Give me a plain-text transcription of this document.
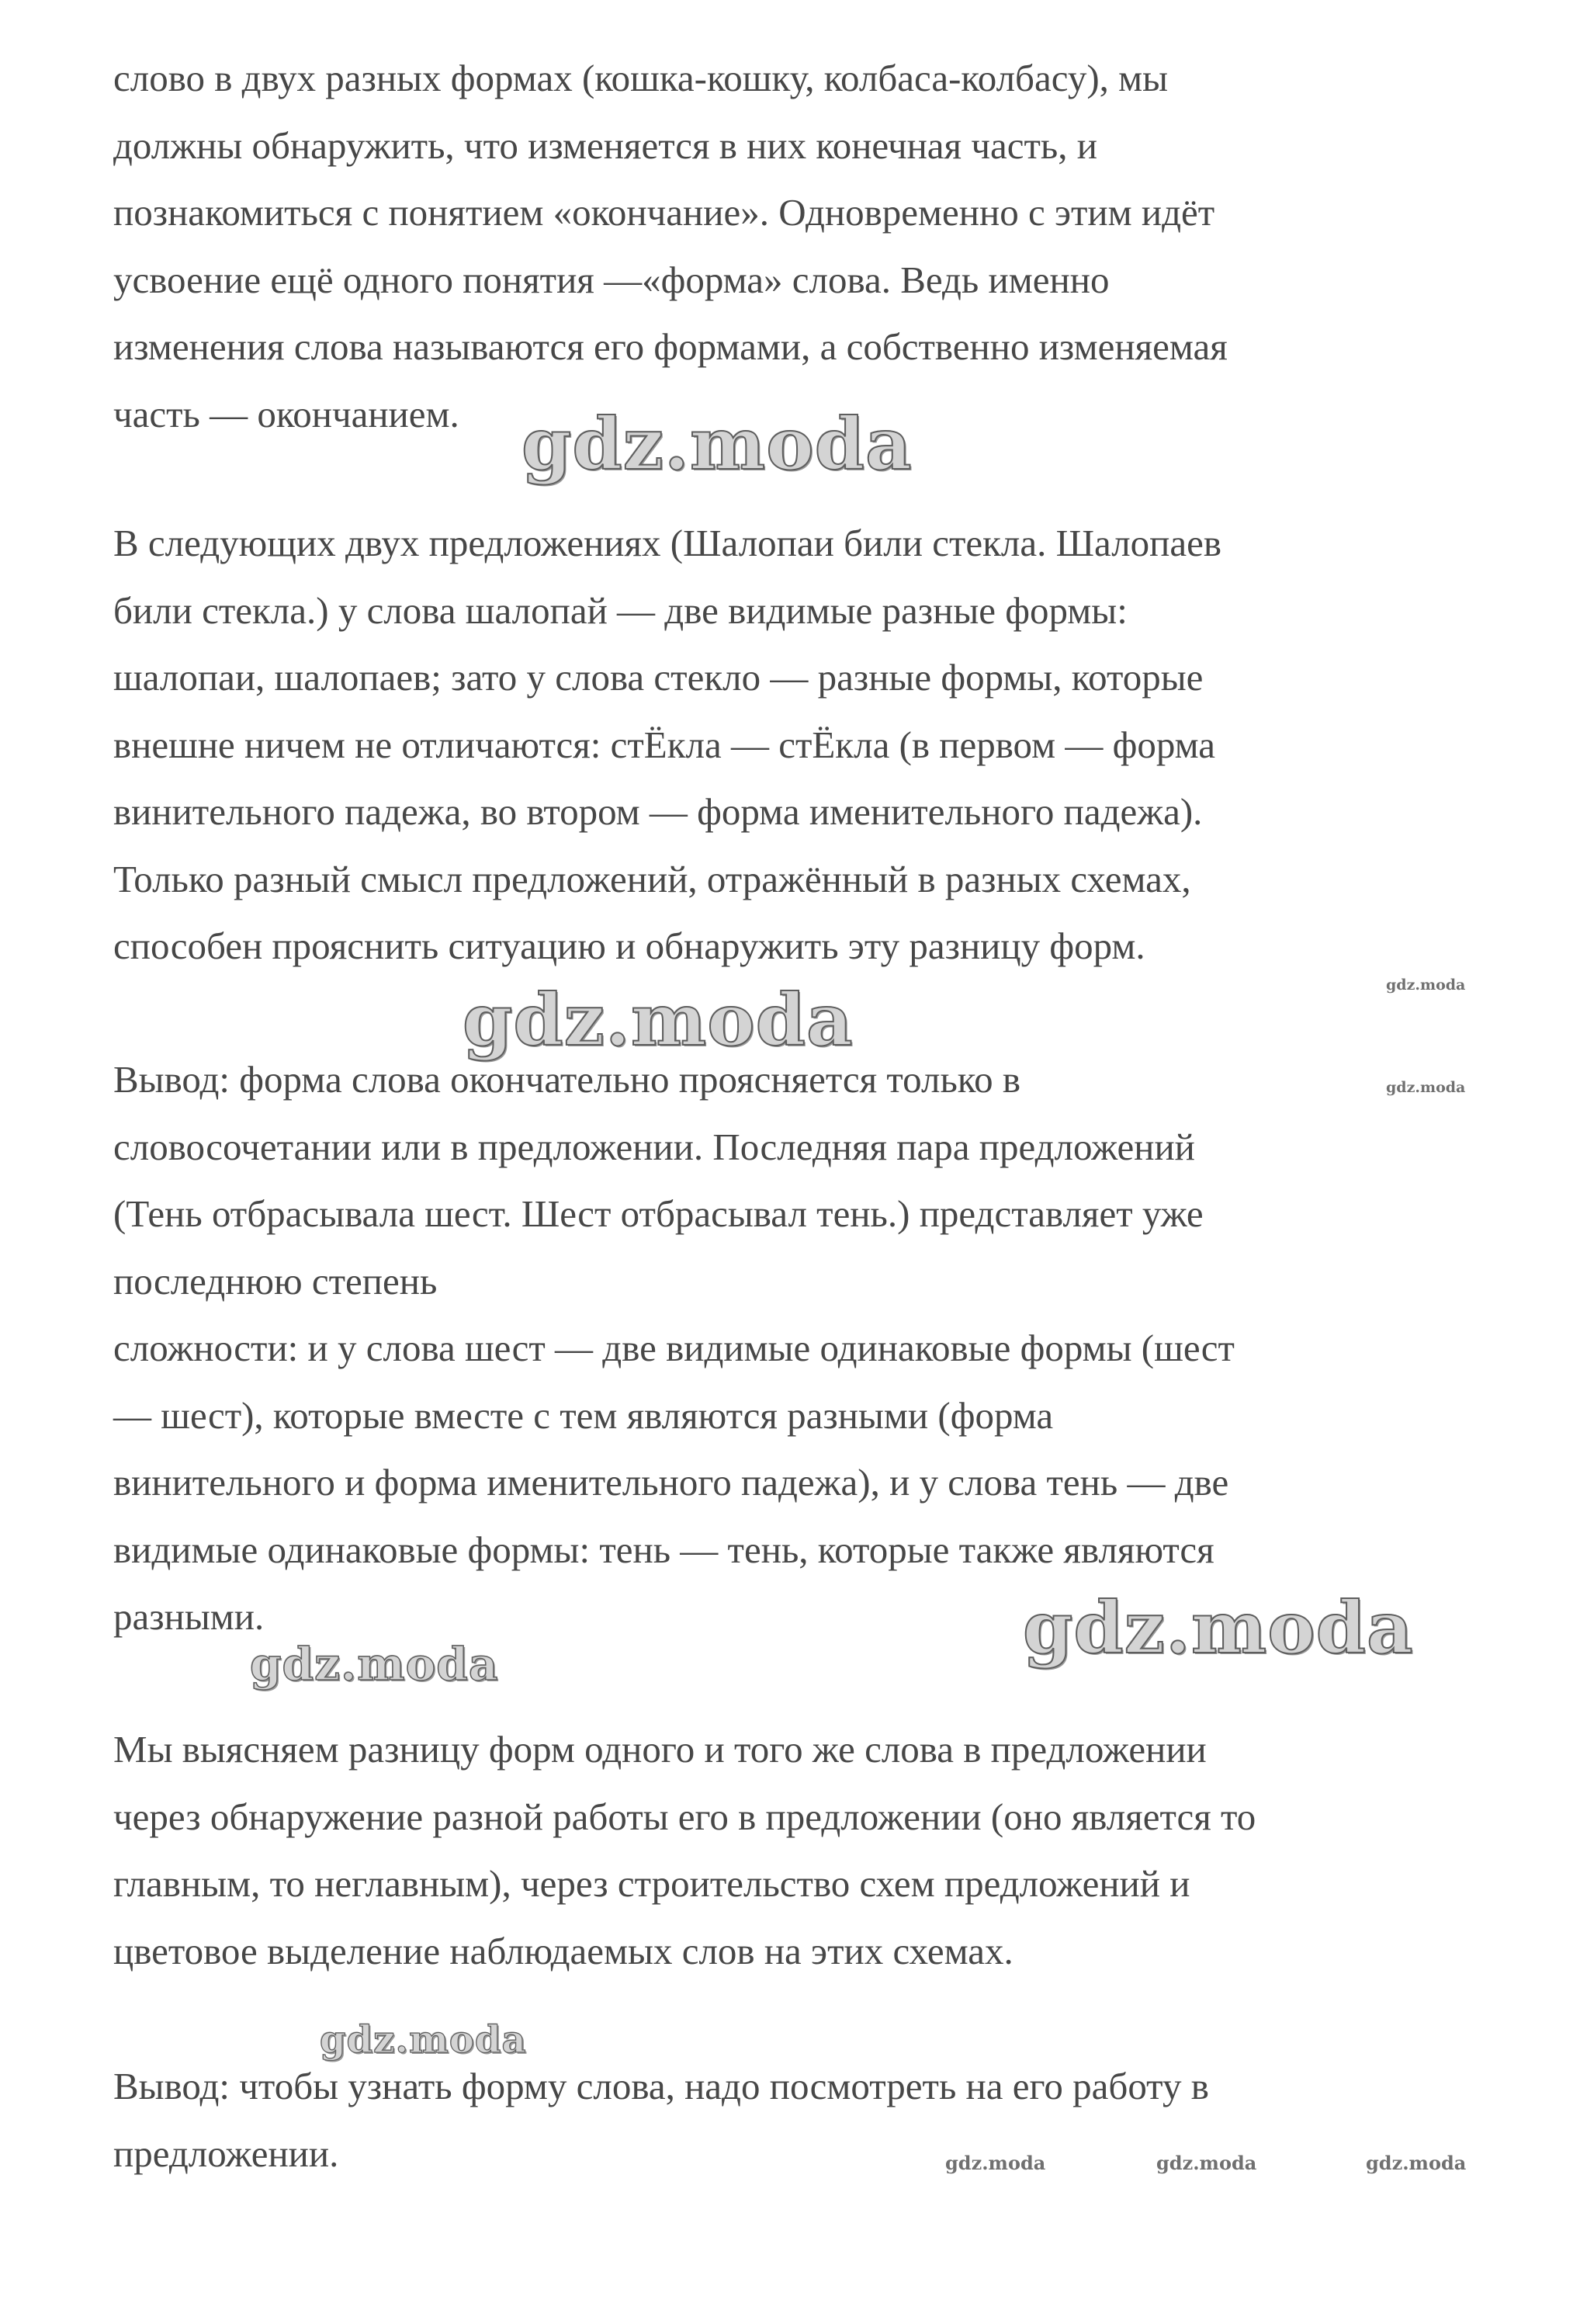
слово в двух разных формах (кошка-кошку, колбаса-колбасу), мы
должны обнаружить, что изменяется в них конечная часть, и
познакомиться с понятием «окончание». Одновременно с этим идёт
усвоение ещё одного понятия —«форма» слова. Ведь именно
изменения слова называются его формами, а собственно изменяемая
часть — окончанием.

В следующих двух предложениях (Шалопаи били стекла. Шалопаев
били стекла.) у слова шалопай — две видимые разные формы:
шалопаи, шалопаев; зато у слова стекло — разные формы, которые
внешне ничем не отличаются: стЁкла — стЁкла (в первом — форма
винительного падежа, во втором — форма именительного падежа).
Только разный смысл предложений, отражённый в разных схемах,
способен прояснить ситуацию и обнаружить эту разницу форм.

Вывод: форма слова окончательно проясняется только в
словосочетании или в предложении. Последняя пара предложений
(Тень отбрасывала шест. Шест отбрасывал тень.) представляет уже
последнюю степень
сложности: и у слова шест — две видимые одинаковые формы (шест
— шест), которые вместе с тем являются разными (форма
винительного и форма именительного падежа), и у слова тень — две
видимые одинаковые формы: тень — тень, которые также являются
разными.

Мы выясняем разницу форм одного и того же слова в предложении
через обнаружение разной работы его в предложении (оно является то
главным, то неглавным), через строительство схем предложений и
цветовое выделение наблюдаемых слов на этих схемах.

Вывод: чтобы узнать форму слова, надо посмотреть на его работу в
предложении.

gdz.moda
gdz.moda
gdz.moda
gdz.moda
gdz.moda
gdz.moda
gdz.moda
gdz.moda	gdz.moda	gdz.moda
